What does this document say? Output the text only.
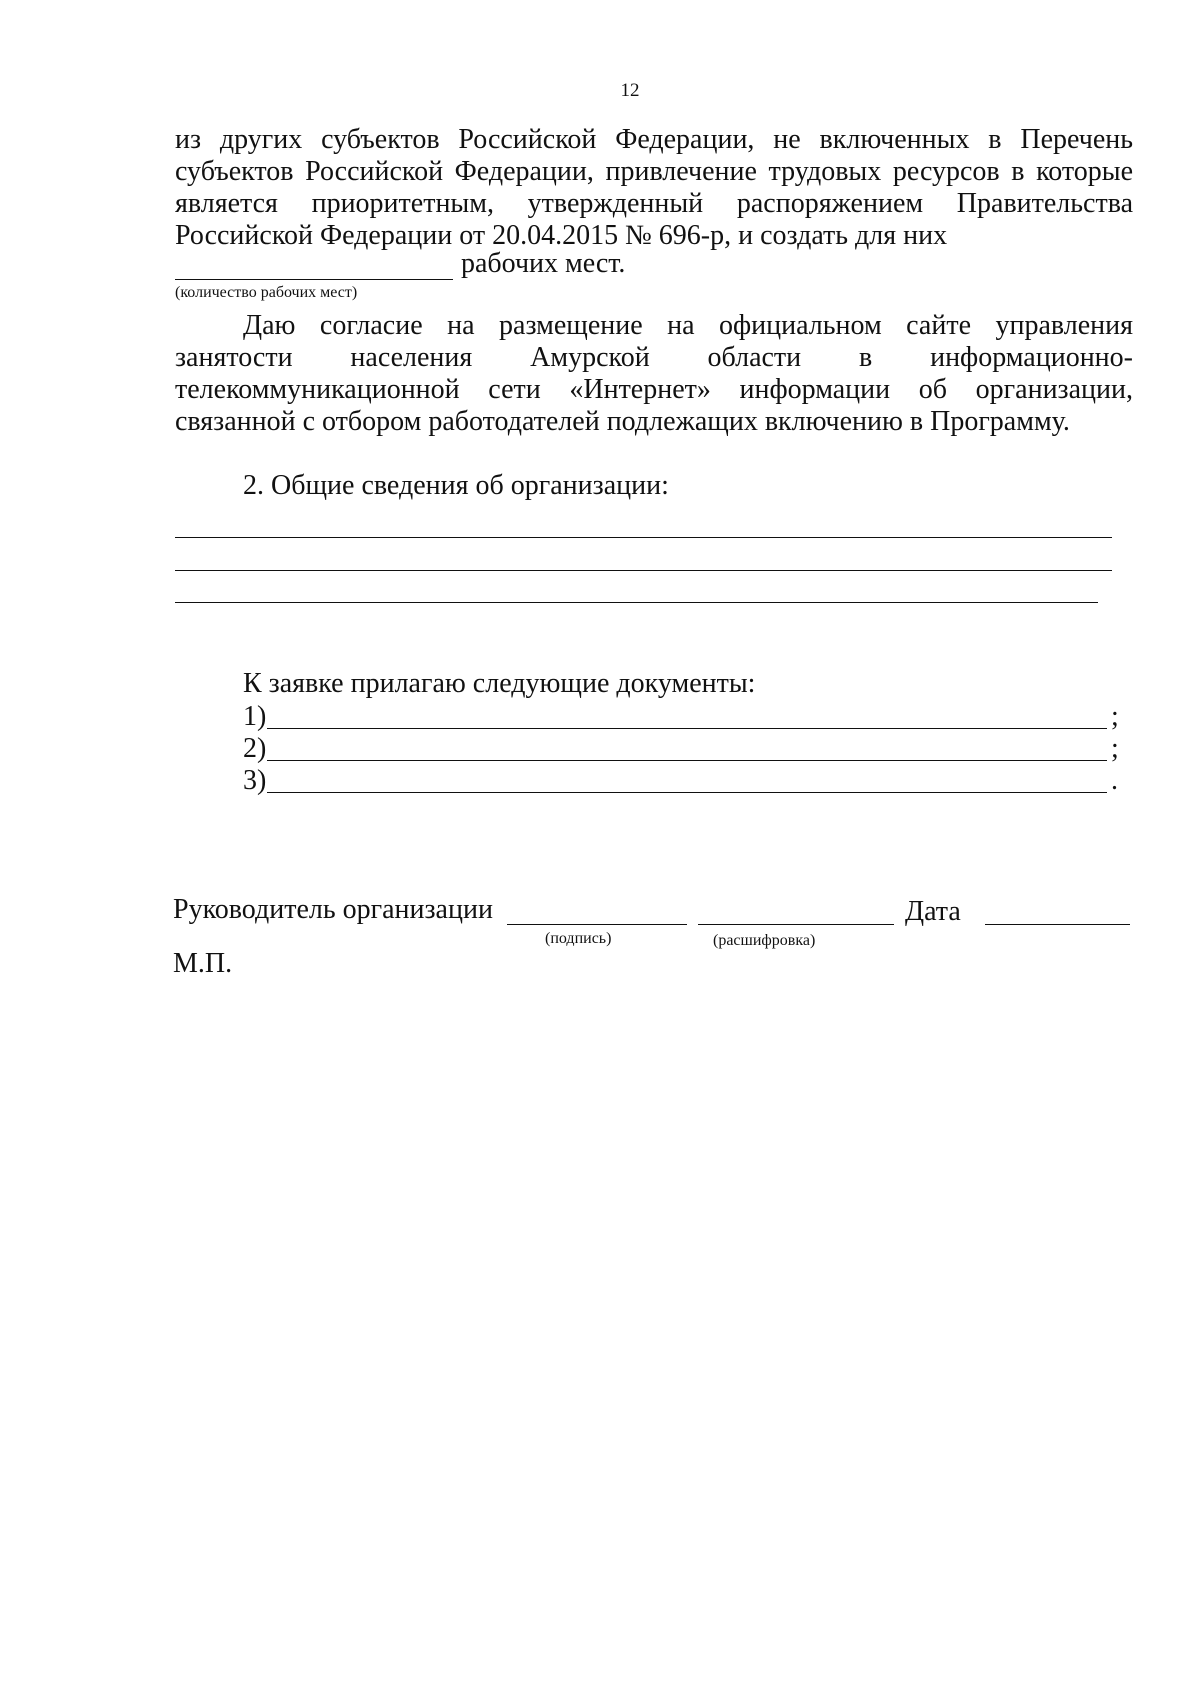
12
из других субъектов Российской Федерации, не включенных в Перечень субъектов Российской Федерации, привлечение трудовых ресурсов в которые является приоритетным, утвержденный распоряжением Правительства Российской Федерации от 20.04.2015 № 696-р, и создать для них
рабочих мест.
(количество рабочих мест)
Даю согласие на размещение на официальном сайте управления занятости населения Амурской области в информационно-телекоммуникационной сети «Интернет» информации об организации, связанной с отбором работодателей подлежащих включению в Программу.
2. Общие сведения об организации:
К заявке прилагаю следующие документы:
1)	;
2)	;
3)	.
Руководитель организации	Дата
(подпись)	(расшифровка)
М.П.
